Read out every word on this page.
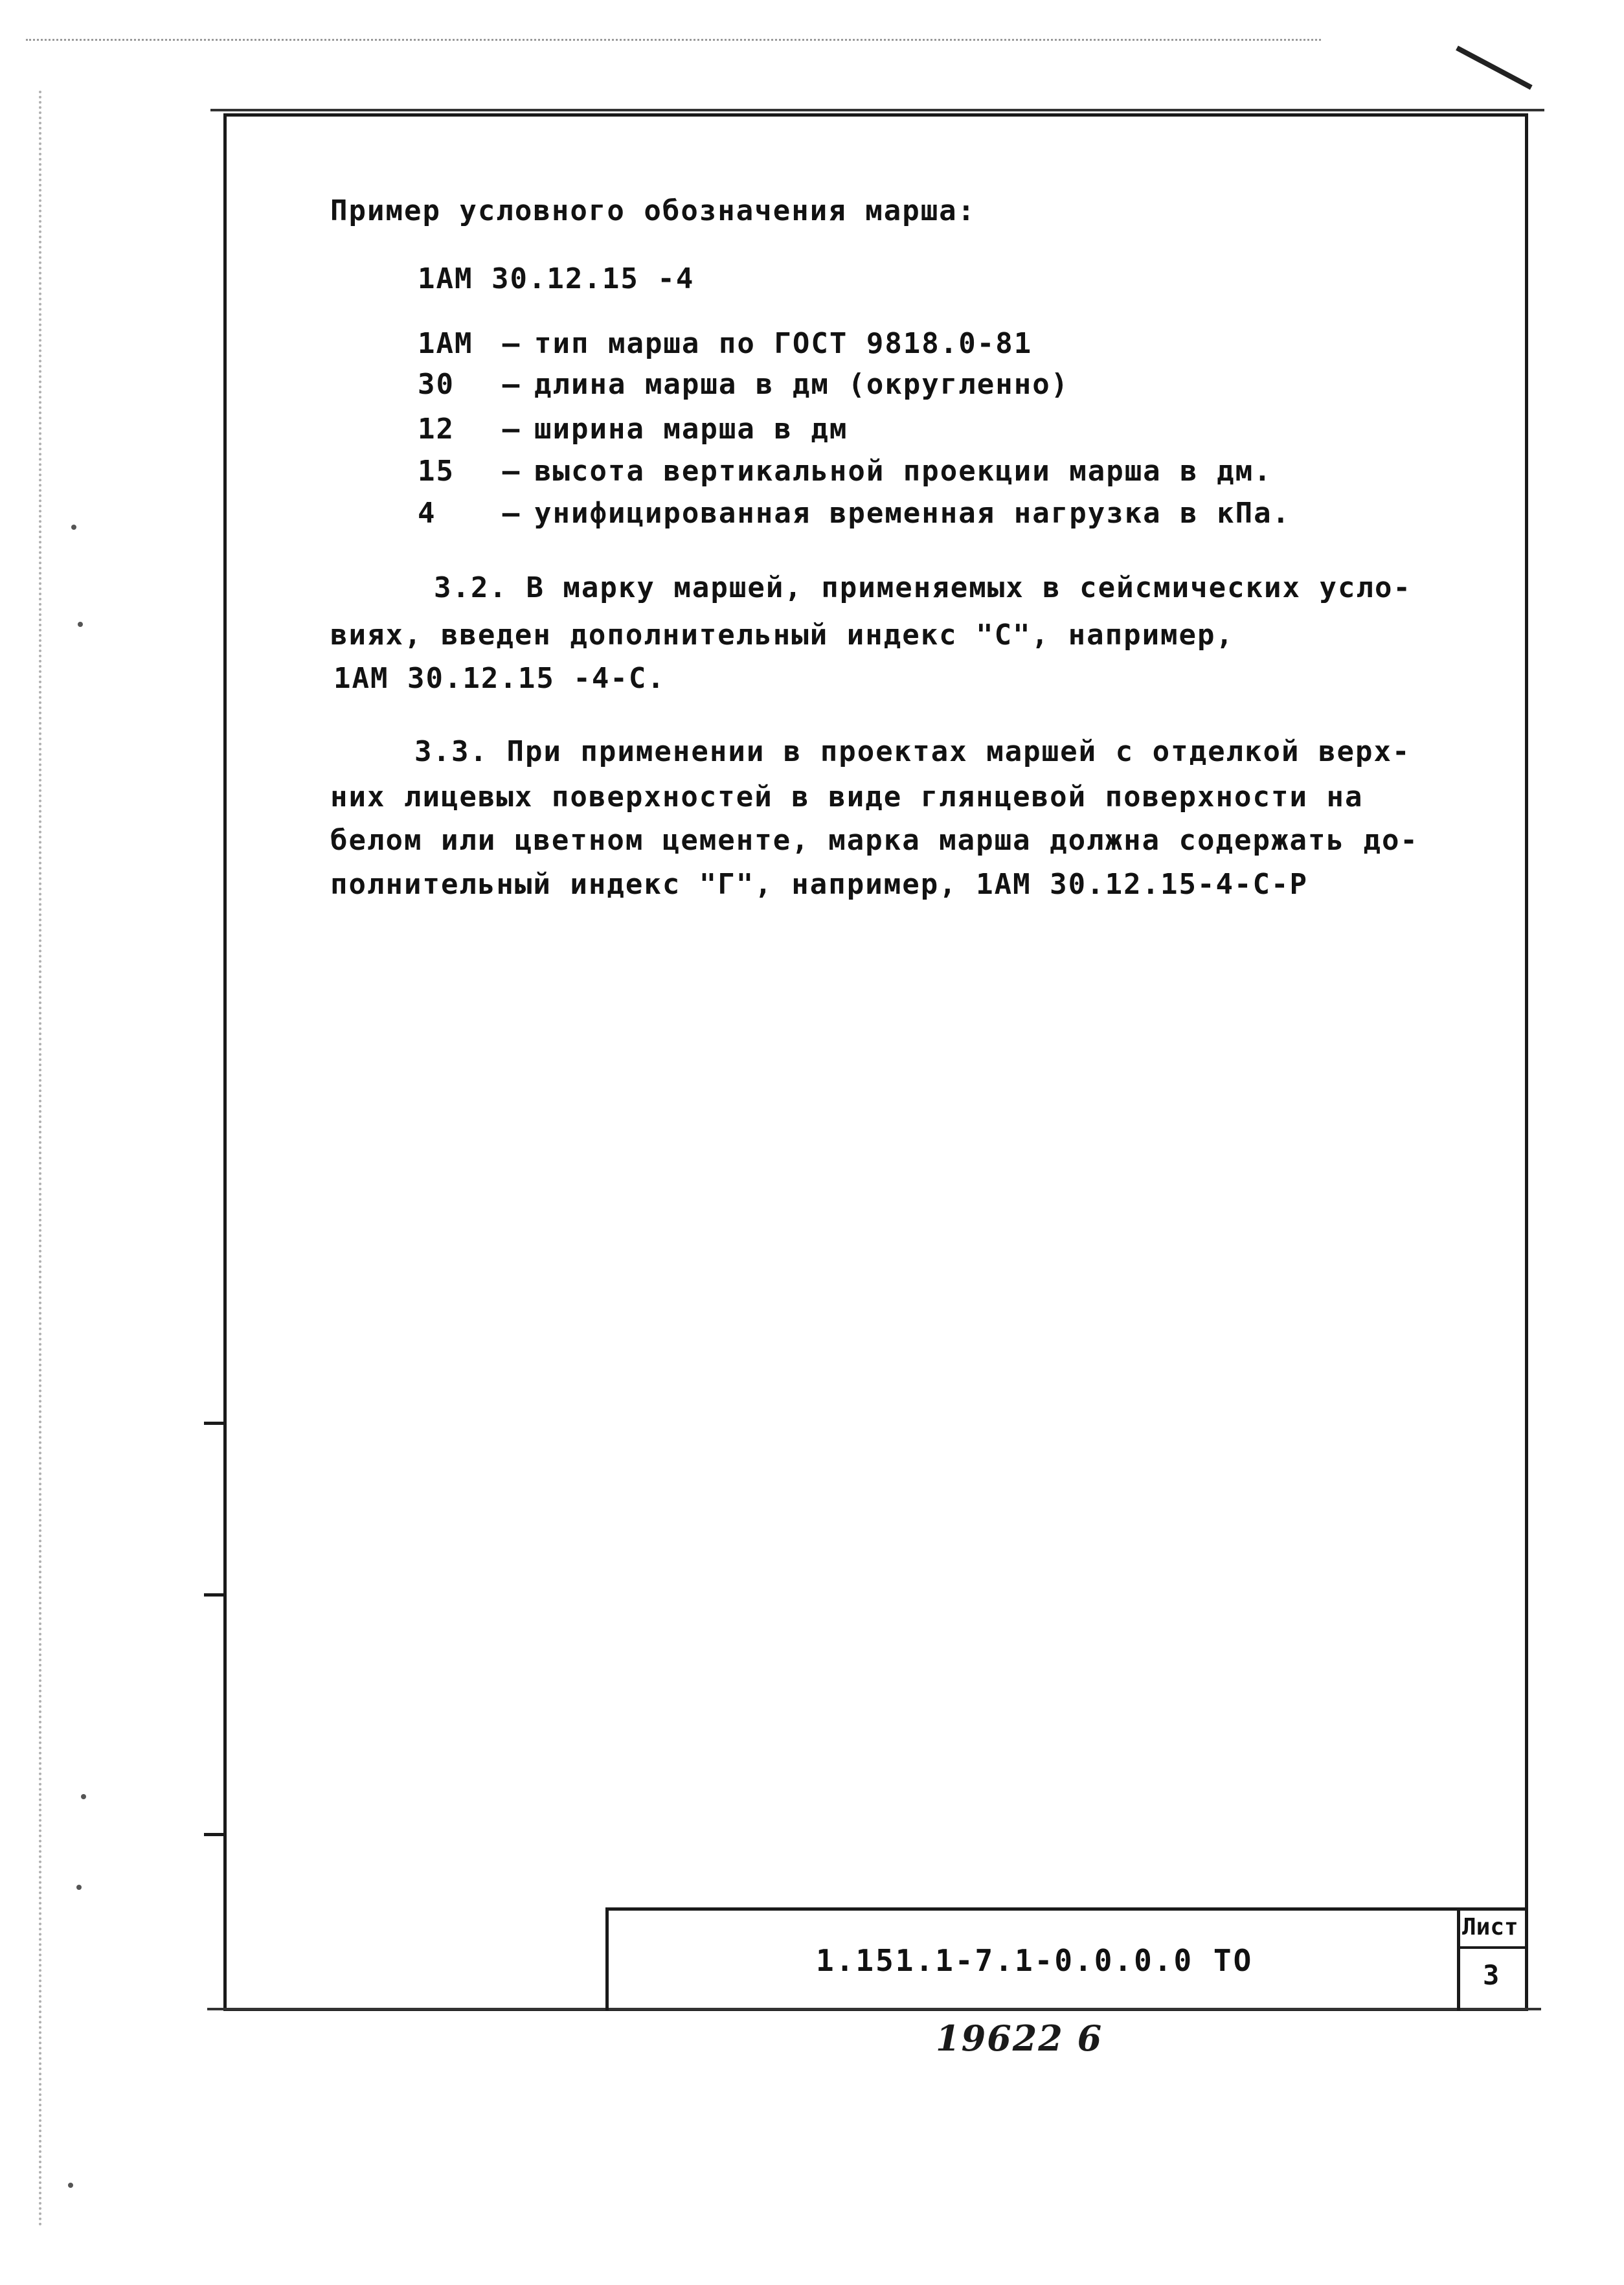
Пример условного обозначения марша:
1АМ 30.12.15 -4
1АМ – тип марша по ГОСТ 9818.0-81
30 – длина марша в дм (округленно)
12 – ширина марша в дм
15 – высота вертикальной проекции марша в дм.
4 – унифицированная временная нагрузка в кПа.
3.2. В марку маршей, применяемых в сейсмических усло-
виях, введен дополнительный индекс "С", например,
1АМ 30.12.15 -4-С.
3.3. При применении в проектах маршей с отделкой верх-
них лицевых поверхностей в виде глянцевой поверхности на
белом или цветном цементе, марка марша должна содержать до-
полнительный индекс "Г", например, 1АМ 30.12.15-4-С-Р
1.151.1-7.1-0.0.0.0 ТО
Лист
3
19622 6
